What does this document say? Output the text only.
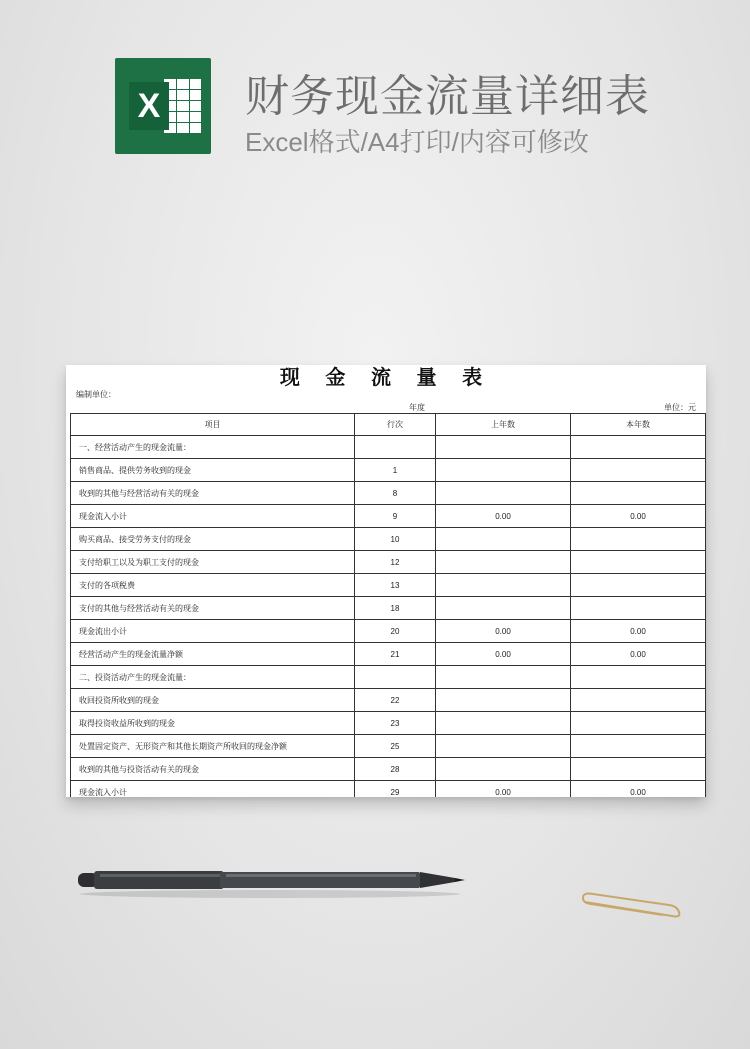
X 财务现金流量详细表
Excel格式/A4打印/内容可修改
现 金 流 量 表
编制单位：
年度	单位：元
项目	行次	上年数	本年数
一、经营活动产生的现金流量：			
销售商品、提供劳务收到的现金	1		
收到的其他与经营活动有关的现金	8		
现金流入小计	9	0.00	0.00
购买商品、接受劳务支付的现金	10		
支付给职工以及为职工支付的现金	12		
支付的各项税费	13		
支付的其他与经营活动有关的现金	18		
现金流出小计	20	0.00	0.00
经营活动产生的现金流量净额	21	0.00	0.00
二、投资活动产生的现金流量：			
收回投资所收到的现金	22		
取得投资收益所收到的现金	23		
处置固定资产、无形资产和其他长期资产所收回的现金净额	25		
收到的其他与投资活动有关的现金	28		
现金流入小计	29	0.00	0.00
